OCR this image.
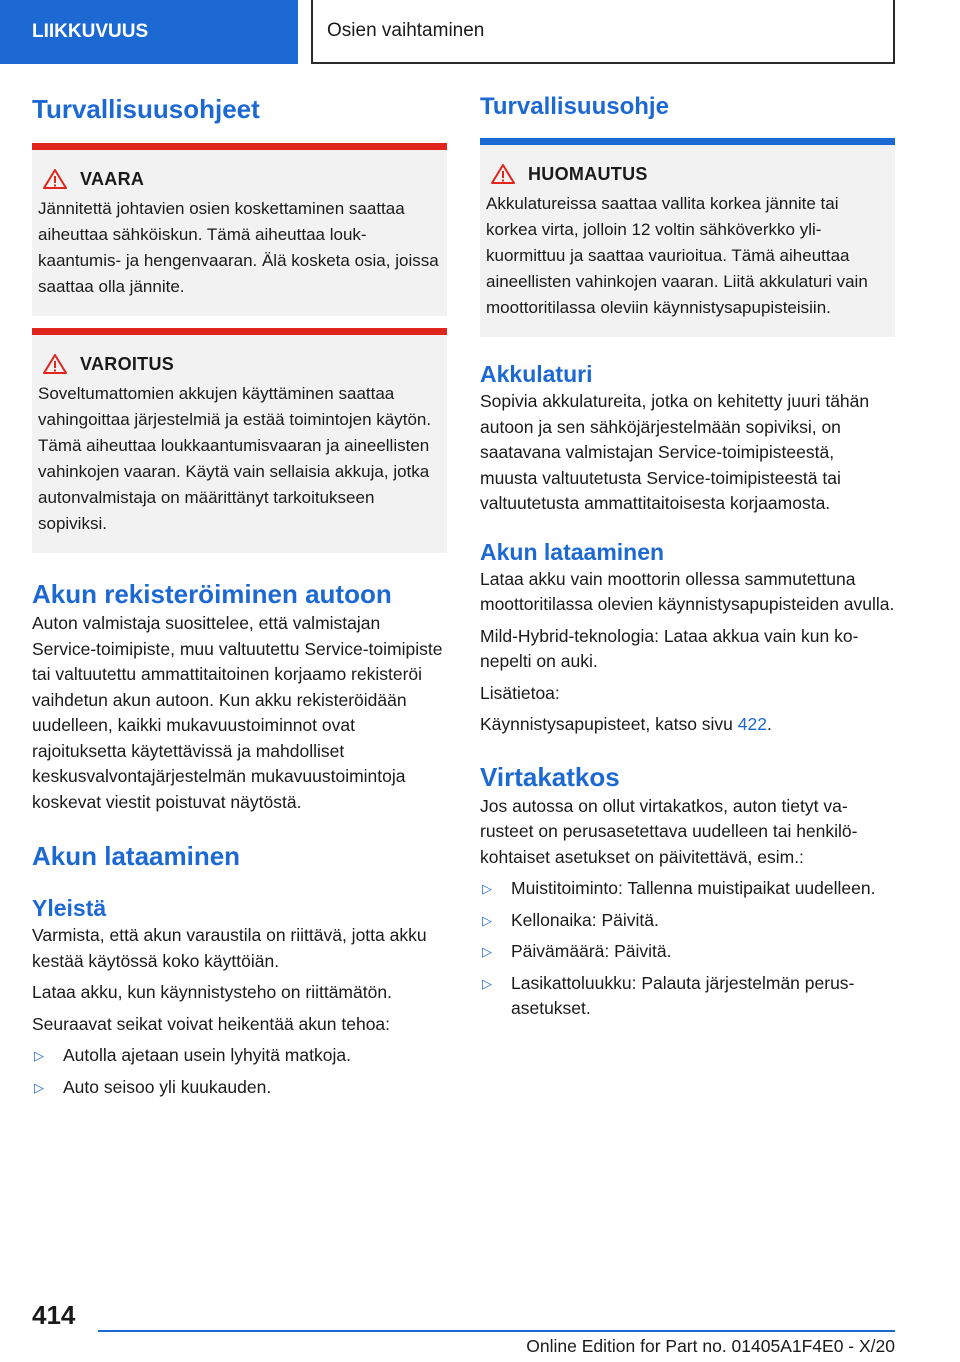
LIIKKUVUUS	Osien vaihtaminen
Turvallisuusohjeet
VAARA

Jännitettä johtavien osien koskettaminen saattaa aiheuttaa sähköiskun. Tämä aiheuttaa loukkaantumis- ja hengenvaaran. Älä kosketa osia, joissa saattaa olla jännite.

VAROITUS

Soveltumattomien akkujen käyttäminen saattaa vahingoittaa järjestelmiä ja estää toimintojen käytön. Tämä aiheuttaa loukkaantumisvaaran ja aineellisten vahinkojen vaaran. Käytä vain sellaisia akkuja, jotka autonvalmistaja on määrittänyt tarkoitukseen sopiviksi.

Akun rekisteröiminen autoon

Auton valmistaja suosittelee, että valmistajan Service-toimipiste, muu valtuutettu Service-toimipiste tai valtuutettu ammattitaitoinen korjaamo rekisteröi vaihdetun akun autoon. Kun akku rekisteröidään uudelleen, kaikki mukavuustoiminnot ovat rajoituksetta käytettävissä ja mahdolliset keskusvalvontajärjestelmän mukavuustoimintoja koskevat viestit poistuvat näytöstä.

Akun lataaminen
Yleistä

Varmista, että akun varaustila on riittävä, jotta akku kestää käytössä koko käyttöiän.

Lataa akku, kun käynnistysteho on riittämätön.

Seuraavat seikat voivat heikentää akun tehoa:

▷	Autolla ajetaan usein lyhyitä matkoja.
▷	Auto seisoo yli kuukauden.
Turvallisuusohje
HUOMAUTUS

Akkulatureissa saattaa vallita korkea jännite tai korkea virta, jolloin 12 voltin sähköverkko ylikuormittuu ja saattaa vaurioitua. Tämä aiheuttaa aineellisten vahinkojen vaaran. Liitä akkulaturi vain moottoritilassa oleviin käynnistysapupisteisiin.

Akkulaturi

Sopivia akkulatureita, jotka on kehitetty juuri tähän autoon ja sen sähköjärjestelmään sopiviksi, on saatavana valmistajan Service-toimipisteestä, muusta valtuutetusta Service-toimipisteestä tai valtuutetusta ammattitaitoisesta korjaamosta.

Akun lataaminen

Lataa akku vain moottorin ollessa sammutettuna moottoritilassa olevien käynnistysapupisteiden avulla.

Mild-Hybrid-teknologia: Lataa akkua vain kun konepelti on auki.

Lisätietoa:

Käynnistysapupisteet, katso sivu 422.

Virtakatkos

Jos autossa on ollut virtakatkos, auton tietyt varusteet on perusasetettava uudelleen tai henkilökohtaiset asetukset on päivitettävä, esim.:

▷	Muistitoiminto: Tallenna muistipaikat uudelleen.
▷	Kellonaika: Päivitä.
▷	Päivämäärä: Päivitä.
▷	Lasikattoluukku: Palauta järjestelmän perusasetukset.
414
Online Edition for Part no. 01405A1F4E0 - X/20
